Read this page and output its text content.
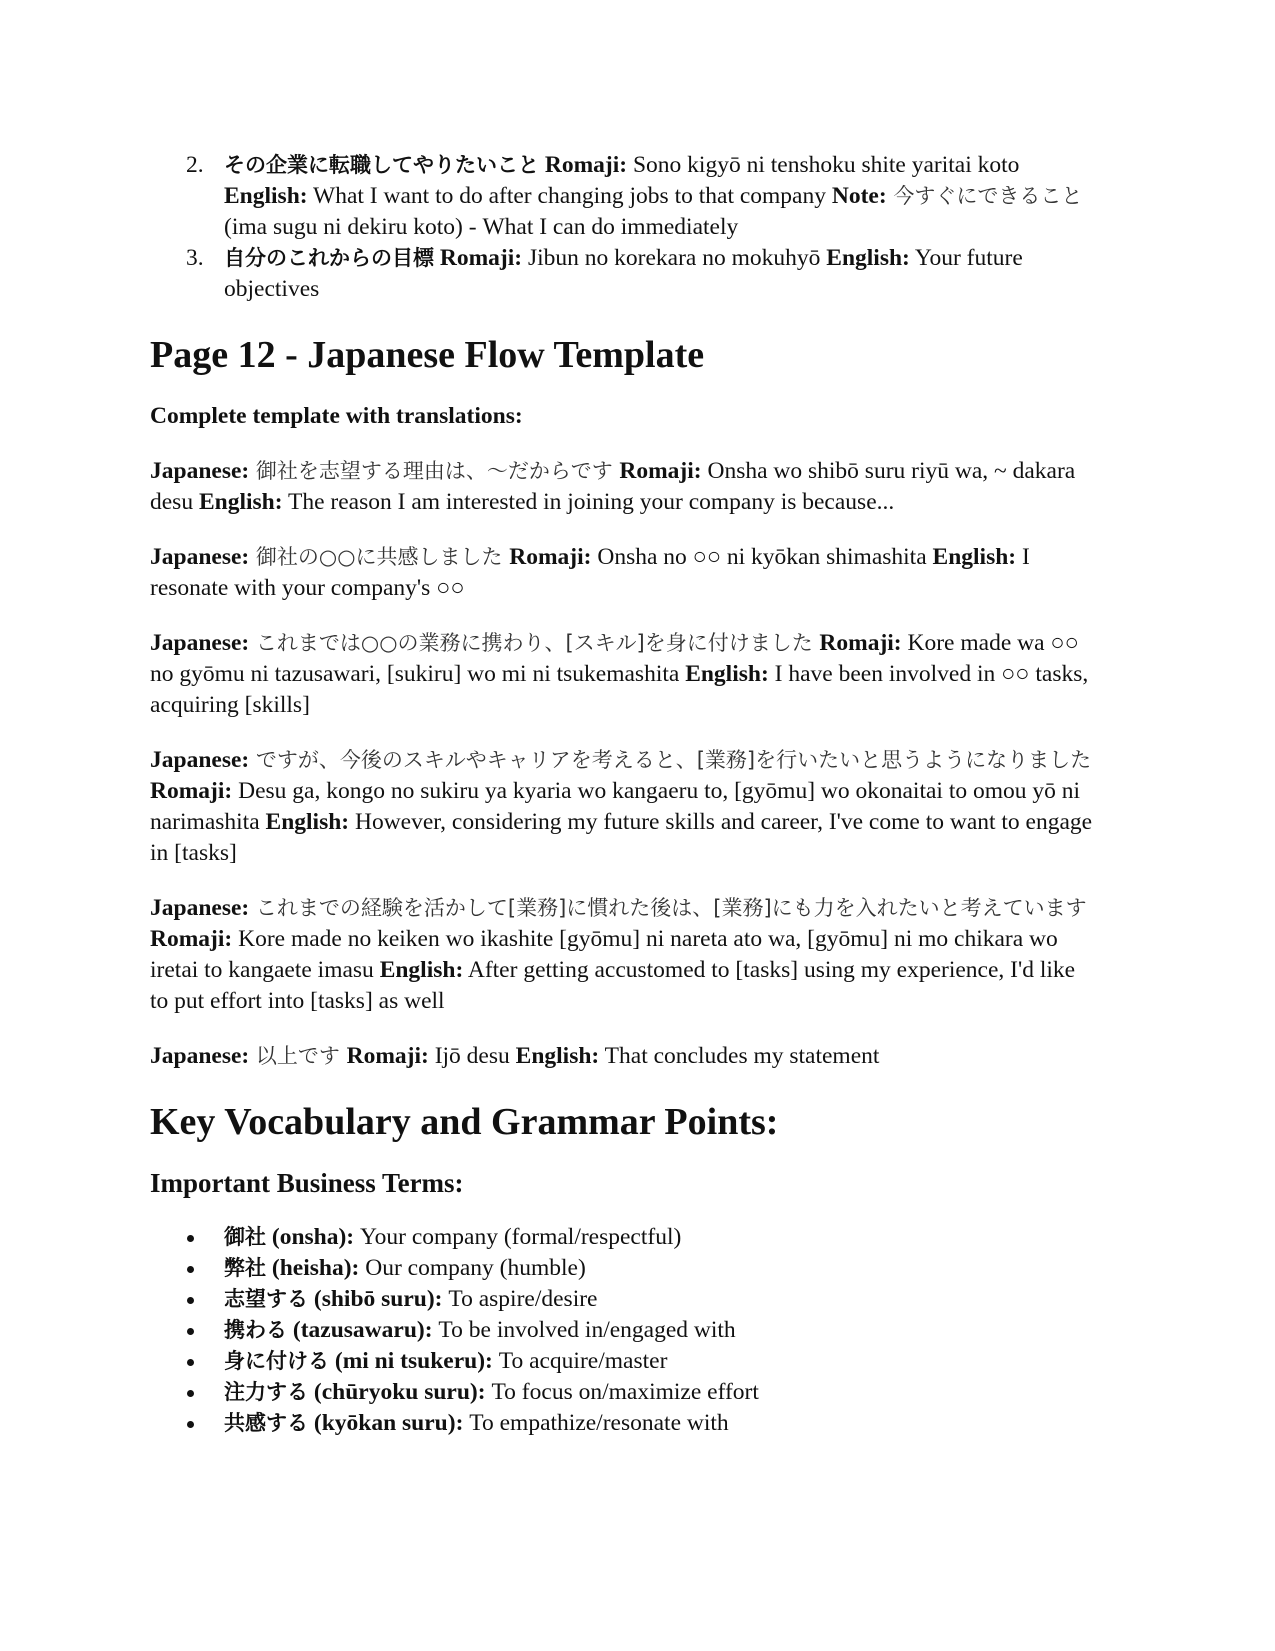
その企業に転職してやりたいこと Romaji: Sono kigyō ni tenshoku shite yaritai koto English: What I want to do after changing jobs to that company Note: 今すぐにできること (ima sugu ni dekiru koto) - What I can do immediately
自分のこれからの目標 Romaji: Jibun no korekara no mokuhyō English: Your future objectives
Page 12 - Japanese Flow Template

Complete template with translations:

Japanese: 御社を志望する理由は、〜だからです Romaji: Onsha wo shibō suru riyū wa, ~ dakara desu English: The reason I am interested in joining your company is because...

Japanese: 御社の○○に共感しました Romaji: Onsha no ○○ ni kyōkan shimashita English: I resonate with your company's ○○

Japanese: これまでは○○の業務に携わり、[スキル]を身に付けました Romaji: Kore made wa ○○ no gyōmu ni tazusawari, [sukiru] wo mi ni tsukemashita English: I have been involved in ○○ tasks, acquiring [skills]

Japanese: ですが、今後のスキルやキャリアを考えると、[業務]を行いたいと思うようになりました Romaji: Desu ga, kongo no sukiru ya kyaria wo kangaeru to, [gyōmu] wo okonaitai to omou yō ni narimashita English: However, considering my future skills and career, I've come to want to engage in [tasks]

Japanese: これまでの経験を活かして[業務]に慣れた後は、[業務]にも力を入れたいと考えています Romaji: Kore made no keiken wo ikashite [gyōmu] ni nareta ato wa, [gyōmu] ni mo chikara wo iretai to kangaete imasu English: After getting accustomed to [tasks] using my experience, I'd like to put effort into [tasks] as well

Japanese: 以上です Romaji: Ijō desu English: That concludes my statement

Key Vocabulary and Grammar Points:
Important Business Terms:
御社 (onsha): Your company (formal/respectful)
弊社 (heisha): Our company (humble)
志望する (shibō suru): To aspire/desire
携わる (tazusawaru): To be involved in/engaged with
身に付ける (mi ni tsukeru): To acquire/master
注力する (chūryoku suru): To focus on/maximize effort
共感する (kyōkan suru): To empathize/resonate with
